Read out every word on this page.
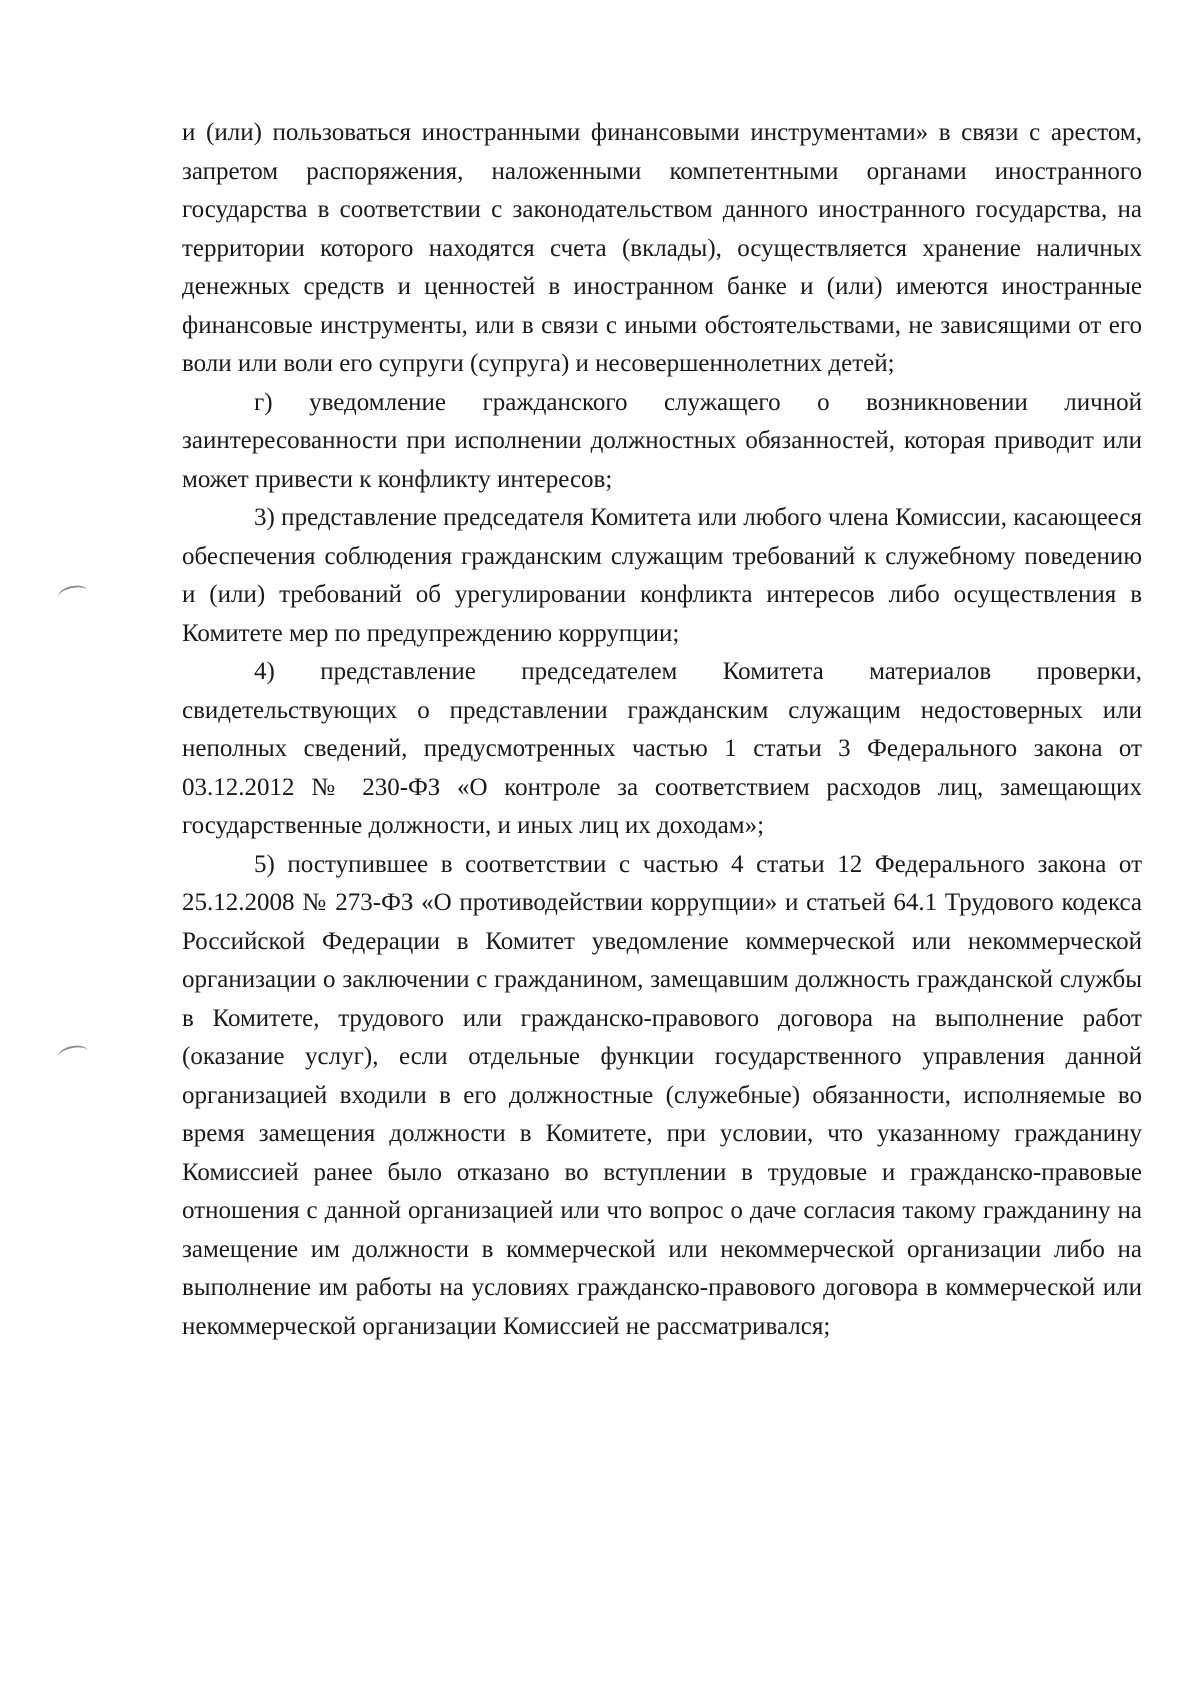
и (или) пользоваться иностранными финансовыми инструментами» в связи с арестом, запретом распоряжения, наложенными компетентными органами иностранного государства в соответствии с законодательством данного иностранного государства, на территории которого находятся счета (вклады), осуществляется хранение наличных денежных средств и ценностей в иностранном банке и (или) имеются иностранные финансовые инструменты, или в связи с иными обстоятельствами, не зависящими от его воли или воли его супруги (супруга) и несовершеннолетних детей;

г) уведомление гражданского служащего о возникновении личной заинтересованности при исполнении должностных обязанностей, которая приводит или может привести к конфликту интересов;

3) представление председателя Комитета или любого члена Комиссии, касающееся обеспечения соблюдения гражданским служащим требований к служебному поведению и (или) требований об урегулировании конфликта интересов либо осуществления в Комитете мер по предупреждению коррупции;

4) представление председателем Комитета материалов проверки, свидетельствующих о представлении гражданским служащим недостоверных или неполных сведений, предусмотренных частью 1 статьи 3 Федерального закона от 03.12.2012 № 230-ФЗ «О контроле за соответствием расходов лиц, замещающих государственные должности, и иных лиц их доходам»;

5) поступившее в соответствии с частью 4 статьи 12 Федерального закона от 25.12.2008 № 273-ФЗ «О противодействии коррупции» и статьей 64.1 Трудового кодекса Российской Федерации в Комитет уведомление коммерческой или некоммерческой организации о заключении с гражданином, замещавшим должность гражданской службы в Комитете, трудового или гражданско-правового договора на выполнение работ (оказание услуг), если отдельные функции государственного управления данной организацией входили в его должностные (служебные) обязанности, исполняемые во время замещения должности в Комитете, при условии, что указанному гражданину Комиссией ранее было отказано во вступлении в трудовые и гражданско-правовые отношения с данной организацией или что вопрос о даче согласия такому гражданину на замещение им должности в коммерческой или некоммерческой организации либо на выполнение им работы на условиях гражданско-правового договора в коммерческой или некоммерческой организации Комиссией не рассматривался;
